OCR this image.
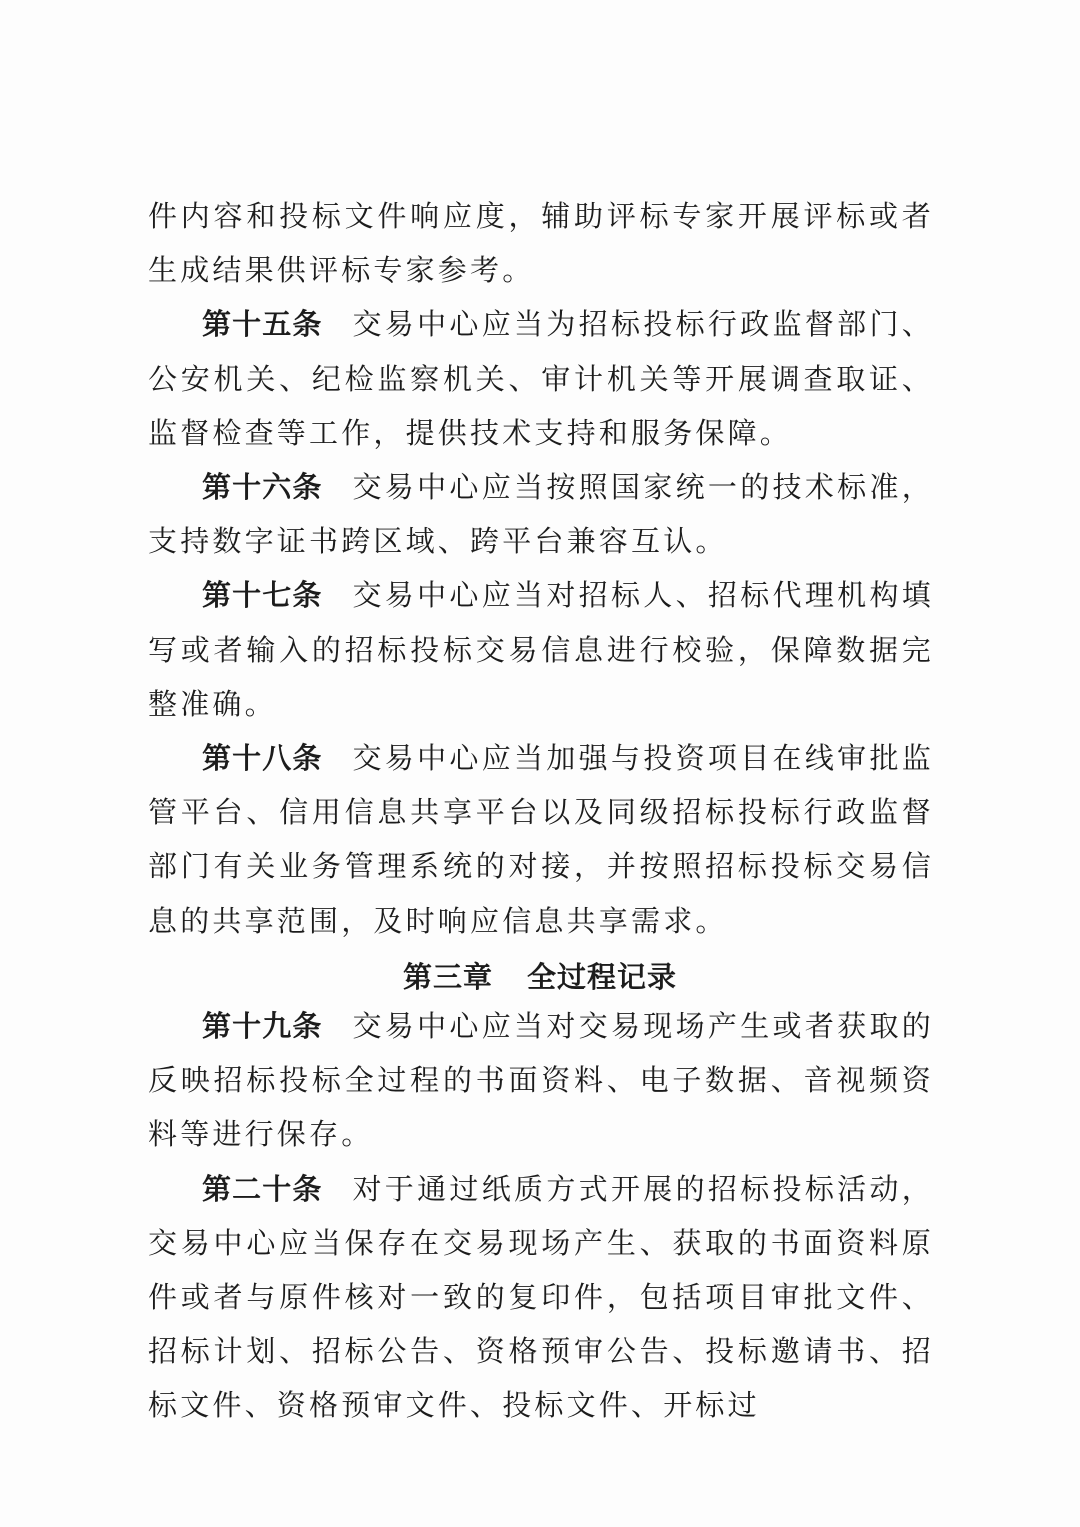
件内容和投标文件响应度，辅助评标专家开展评标或者生成结果供评标专家参考。

第十五条 交易中心应当为招标投标行政监督部门、公安机关、纪检监察机关、审计机关等开展调查取证、监督检查等工作，提供技术支持和服务保障。

第十六条 交易中心应当按照国家统一的技术标准，支持数字证书跨区域、跨平台兼容互认。

第十七条 交易中心应当对招标人、招标代理机构填写或者输入的招标投标交易信息进行校验，保障数据完整准确。

第十八条 交易中心应当加强与投资项目在线审批监管平台、信用信息共享平台以及同级招标投标行政监督部门有关业务管理系统的对接，并按照招标投标交易信息的共享范围，及时响应信息共享需求。

第三章 全过程记录

第十九条 交易中心应当对交易现场产生或者获取的反映招标投标全过程的书面资料、电子数据、音视频资料等进行保存。

第二十条 对于通过纸质方式开展的招标投标活动，交易中心应当保存在交易现场产生、获取的书面资料原件或者与原件核对一致的复印件，包括项目审批文件、招标计划、招标公告、资格预审公告、投标邀请书、招标文件、资格预审文件、投标文件、开标过
